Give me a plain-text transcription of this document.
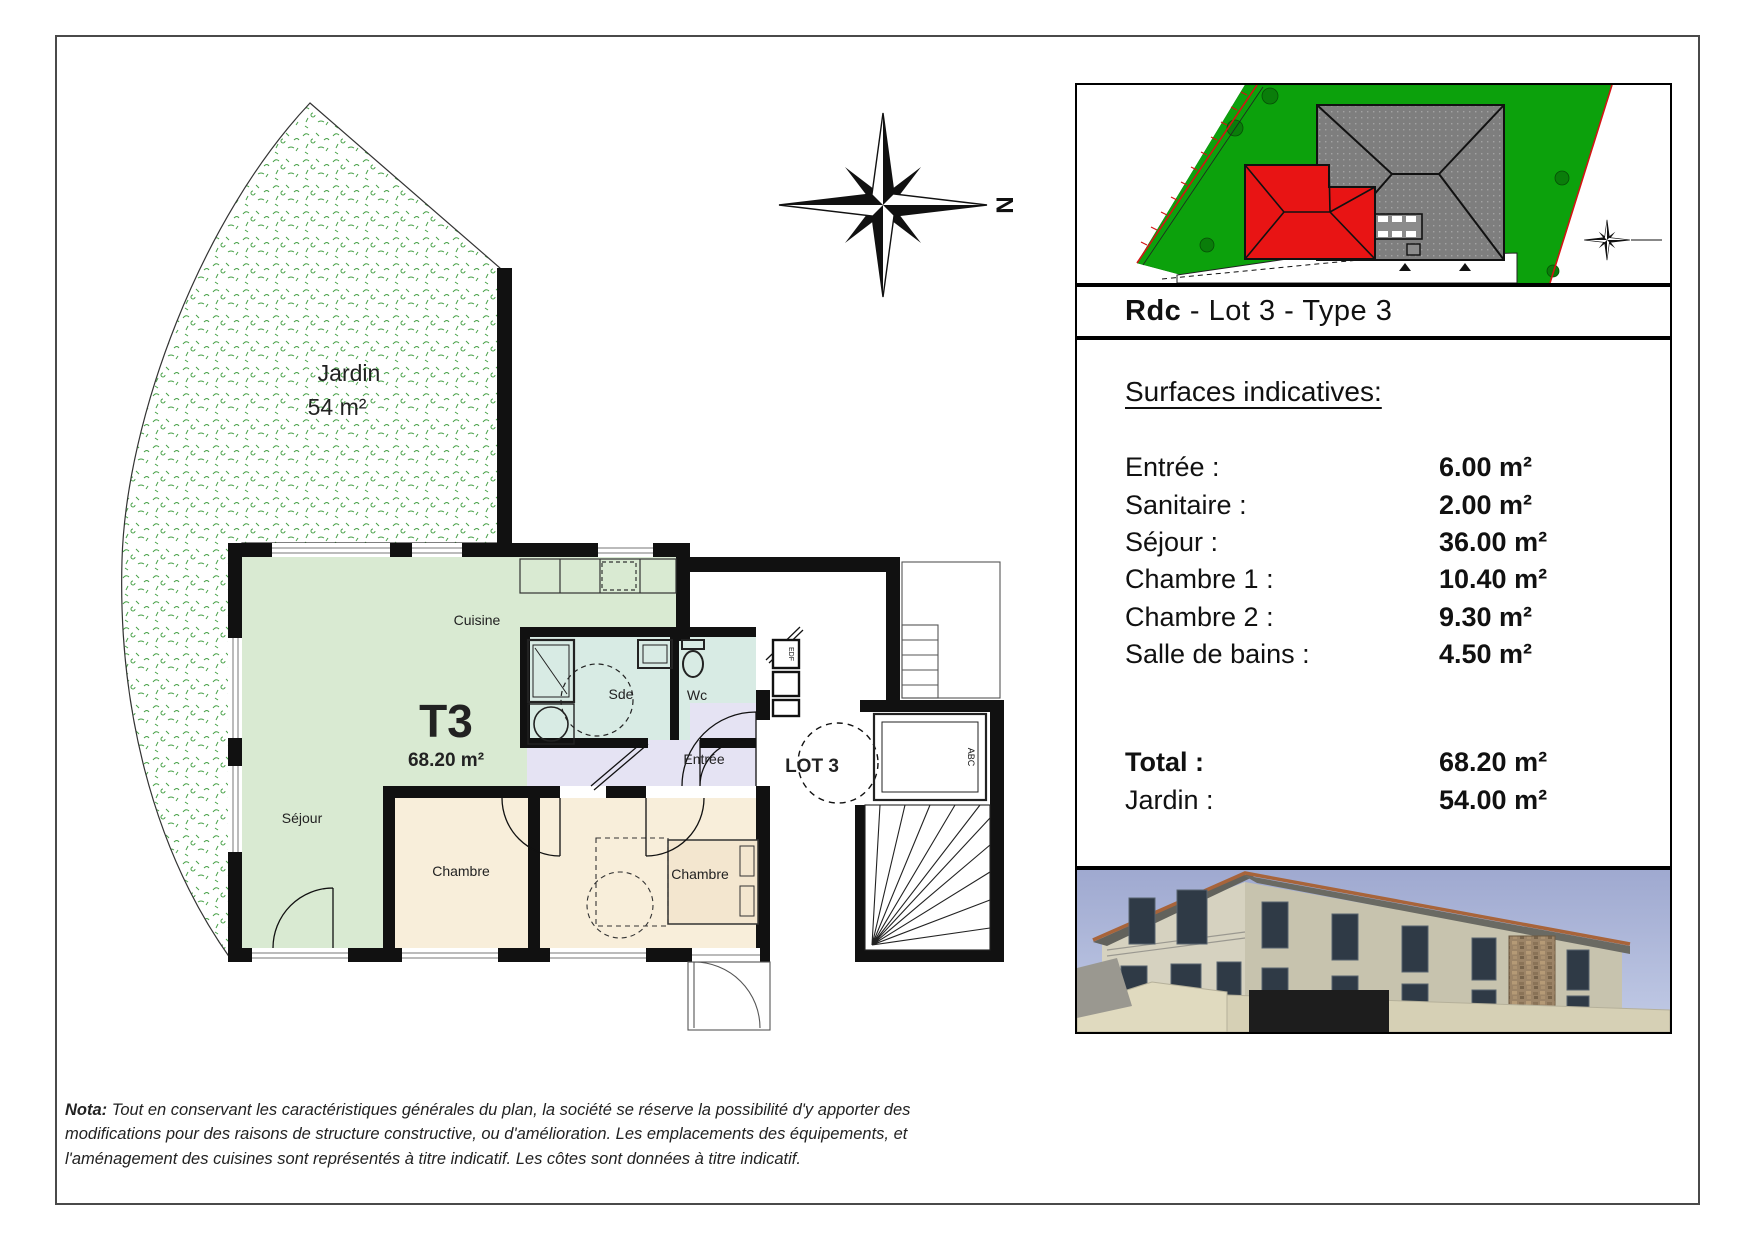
Jardin
54 m²
EDF
ABC
Cuisine
Séjour
Sde	Wc
Entrée
Chambre	Chambre
LOT 3
T3
68.20 m²
N
Rdc - Lot 3 - Type 3
Surfaces indicatives:
Entrée :	6.00 m²
Sanitaire :	2.00 m²
Séjour :	36.00 m²
Chambre 1 :	10.40 m²
Chambre 2 :	9.30 m²
Salle de bains :	4.50 m²
Total :	68.20 m²
Jardin :	54.00 m²
Nota: Tout en conservant les caractéristiques générales du plan, la société se réserve la possibilité d'y apporter des modifications pour des raisons de structure constructive, ou d'amélioration. Les emplacements des équipements, et l'aménagement des cuisines sont représentés à titre indicatif. Les côtes sont données à titre indicatif.
